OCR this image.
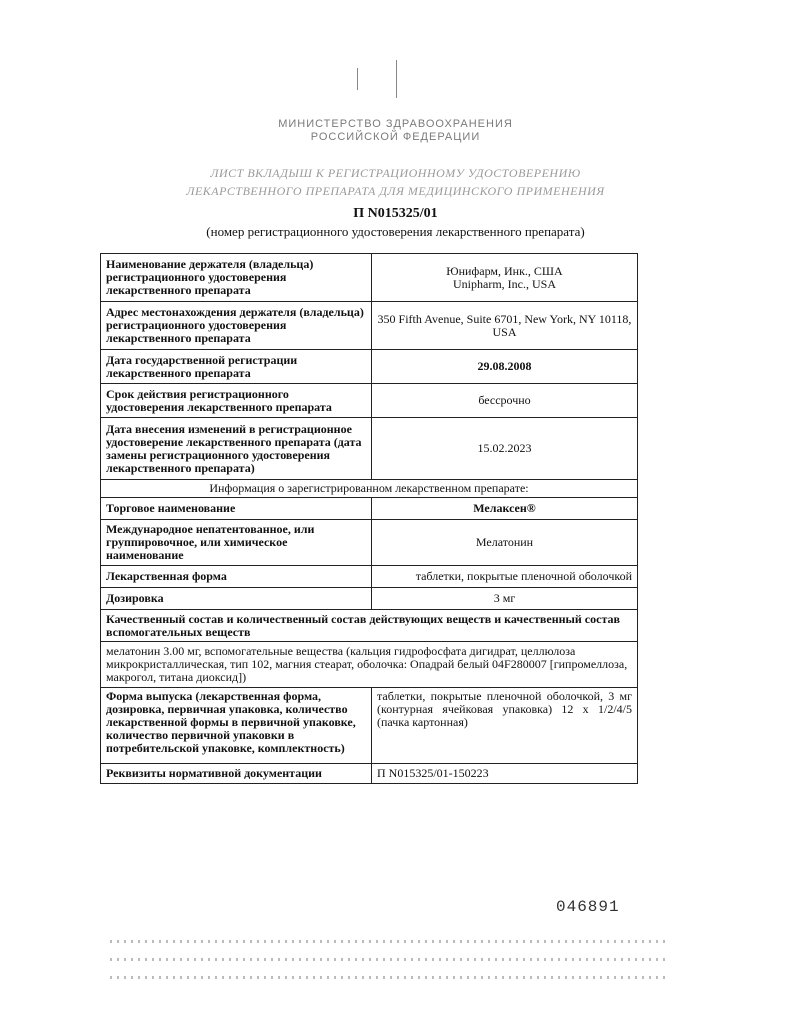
МИНИСТЕРСТВО ЗДРАВООХРАНЕНИЯ
РОССИЙСКОЙ ФЕДЕРАЦИИ
ЛИСТ ВКЛАДЫШ К РЕГИСТРАЦИОННОМУ УДОСТОВЕРЕНИЮ
ЛЕКАРСТВЕННОГО ПРЕПАРАТА ДЛЯ МЕДИЦИНСКОГО ПРИМЕНЕНИЯ
П N015325/01
(номер регистрационного удостоверения лекарственного препарата)
Наименование держателя (владельца) регистрационного удостоверения лекарственного препарата	Юнифарм, Инк., США
Unipharm, Inc., USA

Адрес местонахождения держателя (владельца) регистрационного удостоверения лекарственного препарата	350 Fifth Avenue, Suite 6701, New York, NY 10118, USA
Дата государственной регистрации лекарственного препарата	29.08.2008
Срок действия регистрационного удостоверения лекарственного препарата	бессрочно
Дата внесения изменений в регистрационное удостоверение лекарственного препарата (дата замены регистрационного удостоверения лекарственного препарата)	15.02.2023
Информация о зарегистрированном лекарственном препарате:	
Торговое наименование	Мелаксен®
Международное непатентованное, или группировочное, или химическое наименование	Мелатонин
Лекарственная форма	таблетки, покрытые пленочной оболочкой
Дозировка	3 мг
Качественный состав и количественный состав действующих веществ и качественный состав вспомогательных веществ	
мелатонин 3.00 мг, вспомогательные вещества (кальция гидрофосфата дигидрат, целлюлоза микрокристаллическая, тип 102, магния стеарат, оболочка: Опадрай белый 04F280007 [гипромеллоза, макрогол, титана диоксид])	
Форма выпуска (лекарственная форма, дозировка, первичная упаковка, количество лекарственной формы в первичной упаковке, количество первичной упаковки в потребительской упаковке, комплектность)	таблетки, покрытые пленочной оболочкой, 3 мг (контурная ячейковая упаковка) 12 х 1/2/4/5 (пачка картонная)
Реквизиты нормативной документации	П N015325/01-150223
046891
